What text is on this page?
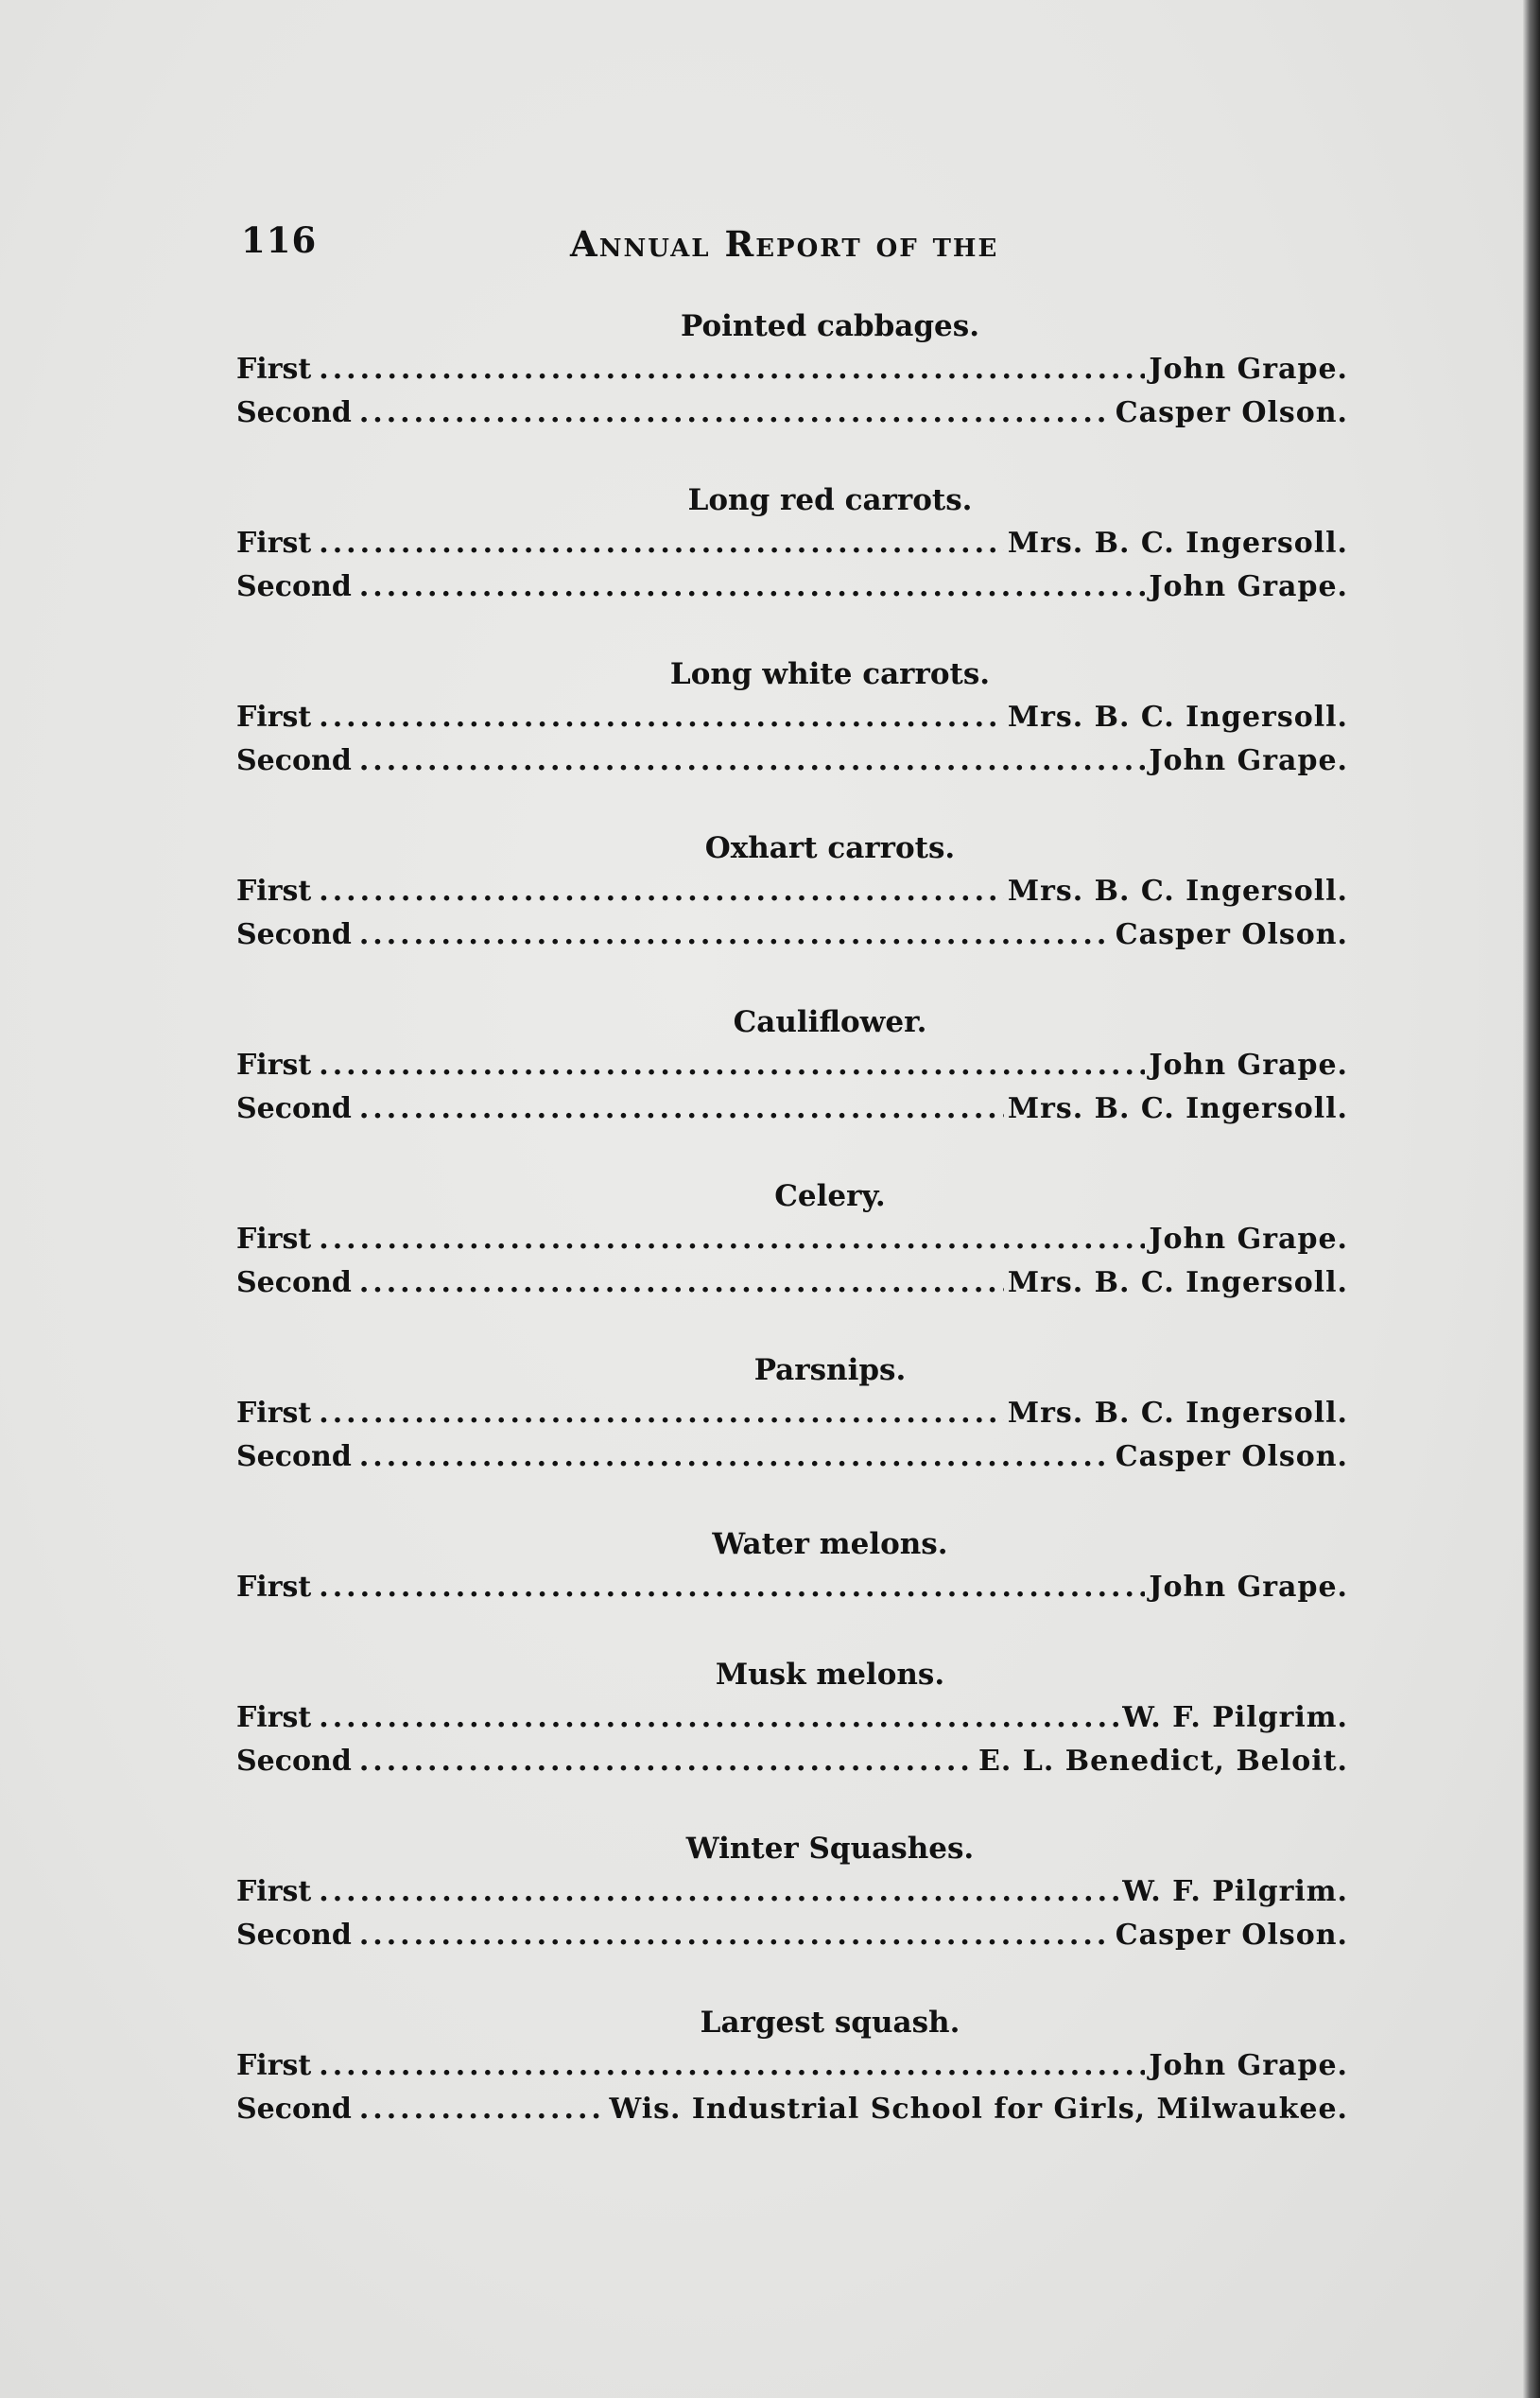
116	Annual Report of the
Pointed cabbages.
First .....	John Grape.
Second .....	Casper Olson.
Long red carrots.
First .....	Mrs. B. C. Ingersoll.
Second .....	John Grape.
Long white carrots.
First .....	Mrs. B. C. Ingersoll.
Second .....	John Grape.
Oxhart carrots.
First .....	Mrs. B. C. Ingersoll.
Second .....	Casper Olson.
Cauliflower.
First .....	John Grape.
Second .....	Mrs. B. C. Ingersoll.
Celery.
First .....	John Grape.
Second .....	Mrs. B. C. Ingersoll.
Parsnips.
First .....	Mrs. B. C. Ingersoll.
Second .....	Casper Olson.
Water melons.
First .....	John Grape.
Musk melons.
First .....	W. F. Pilgrim.
Second .....	E. L. Benedict, Beloit.
Winter Squashes.
First .....	W. F. Pilgrim.
Second .....	Casper Olson.
Largest squash.
First .....	John Grape.
Second .....	Wis. Industrial School for Girls, Milwaukee.
